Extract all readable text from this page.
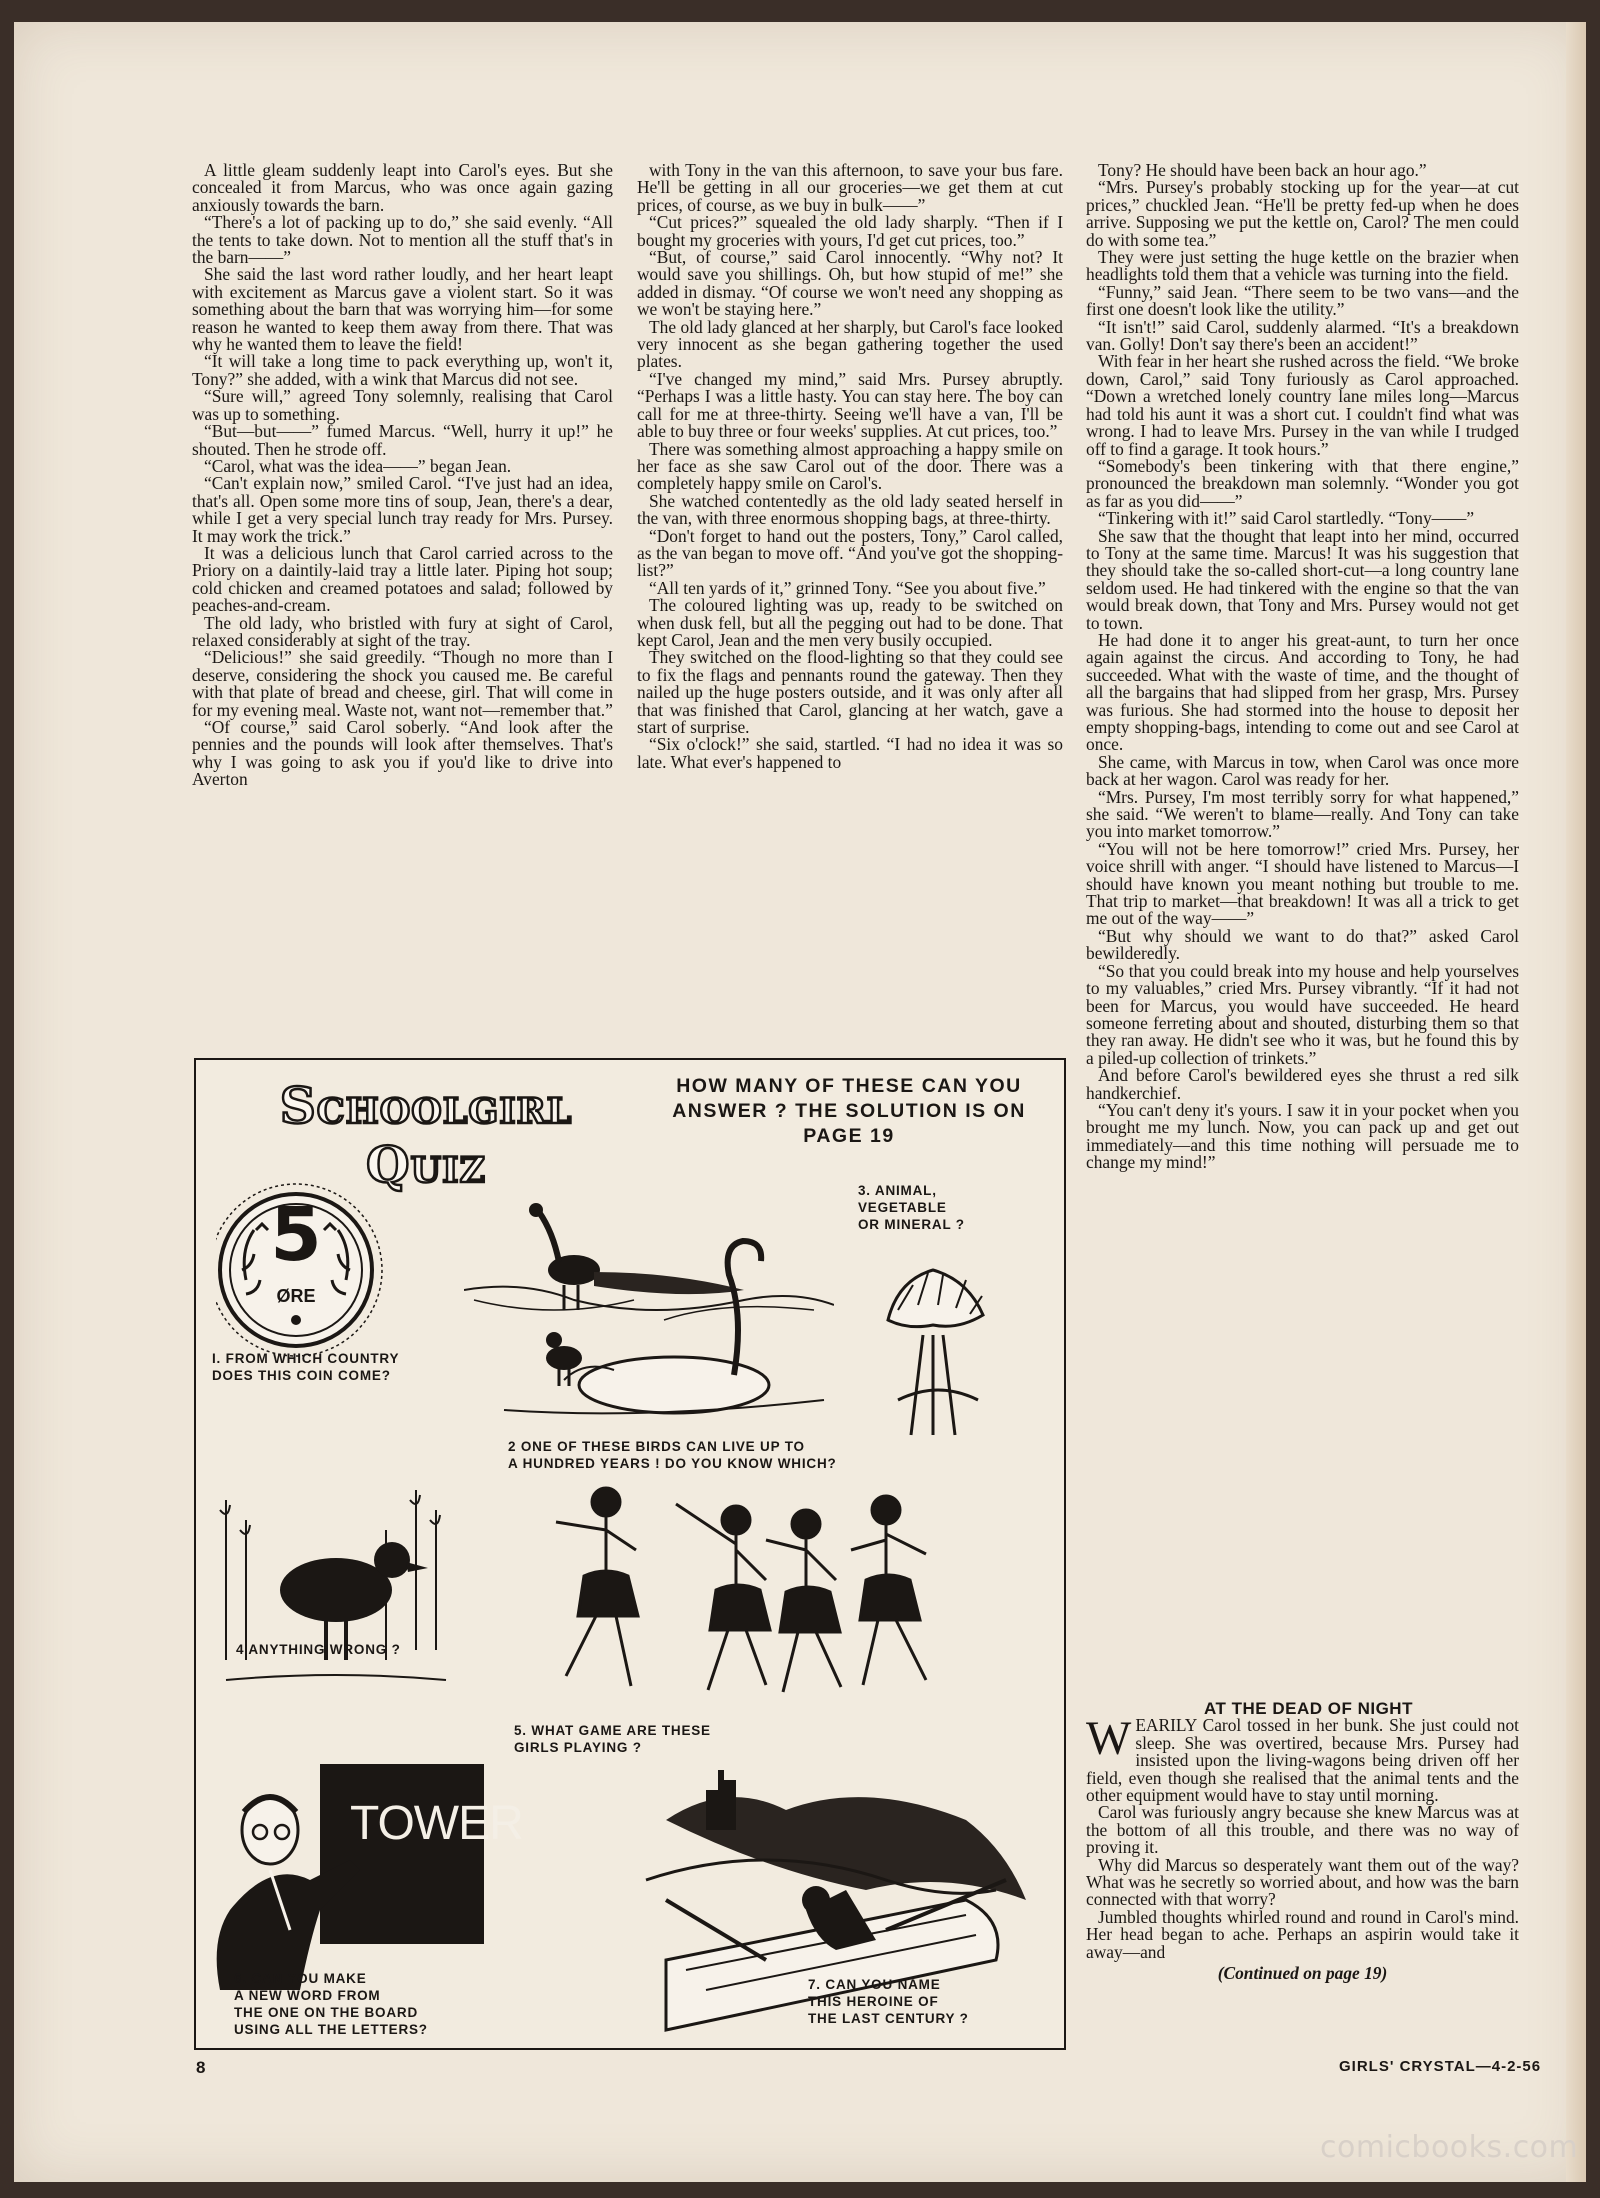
A little gleam suddenly leapt into Carol's eyes. But she concealed it from Marcus, who was once again gazing anxiously towards the barn.

“There's a lot of packing up to do,” she said evenly. “All the tents to take down. Not to mention all the stuff that's in the barn——”

She said the last word rather loudly, and her heart leapt with excitement as Marcus gave a violent start. So it was something about the barn that was worrying him—for some reason he wanted to keep them away from there. That was why he wanted them to leave the field!

“It will take a long time to pack everything up, won't it, Tony?” she added, with a wink that Marcus did not see.

“Sure will,” agreed Tony solemnly, realising that Carol was up to something.

“But—but——” fumed Marcus. “Well, hurry it up!” he shouted. Then he strode off.

“Carol, what was the idea——” began Jean.

“Can't explain now,” smiled Carol. “I've just had an idea, that's all. Open some more tins of soup, Jean, there's a dear, while I get a very special lunch tray ready for Mrs. Pursey. It may work the trick.”

It was a delicious lunch that Carol carried across to the Priory on a daintily-laid tray a little later. Piping hot soup; cold chicken and creamed potatoes and salad; followed by peaches-and-cream.

The old lady, who bristled with fury at sight of Carol, relaxed considerably at sight of the tray.

“Delicious!” she said greedily. “Though no more than I deserve, considering the shock you caused me. Be careful with that plate of bread and cheese, girl. That will come in for my evening meal. Waste not, want not—remember that.”

“Of course,” said Carol soberly. “And look after the pennies and the pounds will look after themselves. That's why I was going to ask you if you'd like to drive into Averton

with Tony in the van this afternoon, to save your bus fare. He'll be getting in all our groceries—we get them at cut prices, of course, as we buy in bulk——”

“Cut prices?” squealed the old lady sharply. “Then if I bought my groceries with yours, I'd get cut prices, too.”

“But, of course,” said Carol innocently. “Why not? It would save you shillings. Oh, but how stupid of me!” she added in dismay. “Of course we won't need any shopping as we won't be staying here.”

The old lady glanced at her sharply, but Carol's face looked very innocent as she began gathering together the used plates.

“I've changed my mind,” said Mrs. Pursey abruptly. “Perhaps I was a little hasty. You can stay here. The boy can call for me at three-thirty. Seeing we'll have a van, I'll be able to buy three or four weeks' supplies. At cut prices, too.”

There was something almost approaching a happy smile on her face as she saw Carol out of the door. There was a completely happy smile on Carol's.

She watched contentedly as the old lady seated herself in the van, with three enormous shopping bags, at three-thirty.

“Don't forget to hand out the posters, Tony,” Carol called, as the van began to move off. “And you've got the shopping-list?”

“All ten yards of it,” grinned Tony. “See you about five.”

The coloured lighting was up, ready to be switched on when dusk fell, but all the pegging out had to be done. That kept Carol, Jean and the men very busily occupied.

They switched on the flood-lighting so that they could see to fix the flags and pennants round the gateway. Then they nailed up the huge posters outside, and it was only after all that was finished that Carol, glancing at her watch, gave a start of surprise.

“Six o'clock!” she said, startled. “I had no idea it was so late. What ever's happened to

Tony? He should have been back an hour ago.”

“Mrs. Pursey's probably stocking up for the year—at cut prices,” chuckled Jean. “He'll be pretty fed-up when he does arrive. Supposing we put the kettle on, Carol? The men could do with some tea.”

They were just setting the huge kettle on the brazier when headlights told them that a vehicle was turning into the field.

“Funny,” said Jean. “There seem to be two vans—and the first one doesn't look like the utility.”

“It isn't!” said Carol, suddenly alarmed. “It's a breakdown van. Golly! Don't say there's been an accident!”

With fear in her heart she rushed across the field. “We broke down, Carol,” said Tony furiously as Carol approached. “Down a wretched lonely country lane miles long—Marcus had told his aunt it was a short cut. I couldn't find what was wrong. I had to leave Mrs. Pursey in the van while I trudged off to find a garage. It took hours.”

“Somebody's been tinkering with that there engine,” pronounced the breakdown man solemnly. “Wonder you got as far as you did——”

“Tinkering with it!” said Carol startledly. “Tony——”

She saw that the thought that leapt into her mind, occurred to Tony at the same time. Marcus! It was his suggestion that they should take the so-called short-cut—a long country lane seldom used. He had tinkered with the engine so that the van would break down, that Tony and Mrs. Pursey would not get to town.

He had done it to anger his great-aunt, to turn her once again against the circus. And according to Tony, he had succeeded. What with the waste of time, and the thought of all the bargains that had slipped from her grasp, Mrs. Pursey was furious. She had stormed into the house to deposit her empty shopping-bags, intending to come out and see Carol at once.

She came, with Marcus in tow, when Carol was once more back at her wagon. Carol was ready for her.

“Mrs. Pursey, I'm most terribly sorry for what happened,” she said. “We weren't to blame—really. And Tony can take you into market tomorrow.”

“You will not be here tomorrow!” cried Mrs. Pursey, her voice shrill with anger. “I should have listened to Marcus—I should have known you meant nothing but trouble to me. That trip to market—that breakdown! It was all a trick to get me out of the way——”

“But why should we want to do that?” asked Carol bewilderedly.

“So that you could break into my house and help yourselves to my valuables,” cried Mrs. Pursey vibrantly. “If it had not been for Marcus, you would have succeeded. He heard someone ferreting about and shouted, disturbing them so that they ran away. He didn't see who it was, but he found this by a piled-up collection of trinkets.”

And before Carol's bewildered eyes she thrust a red silk handkerchief.

“You can't deny it's yours. I saw it in your pocket when you brought me my lunch. Now, you can pack up and get out immediately—and this time nothing will persuade me to change my mind!”

AT THE DEAD OF NIGHT

WEARILY Carol tossed in her bunk. She just could not sleep. She was overtired, because Mrs. Pursey had insisted upon the living-wagons being driven off her field, even though she realised that the animal tents and the other equipment would have to stay until morning.

Carol was furiously angry because she knew Marcus was at the bottom of all this trouble, and there was no way of proving it.

Why did Marcus so desperately want them out of the way? What was he secretly so worried about, and how was the barn connected with that worry?

Jumbled thoughts whirled round and round in Carol's mind. Her head began to ache. Perhaps an aspirin would take it away—and

(Continued on page 19)

Schoolgirl Quiz
HOW MANY OF THESE CAN YOU ANSWER ? THE SOLUTION IS ON PAGE 19
5
ØRE
I. FROM WHICH COUNTRY
DOES THIS COIN COME?
2 ONE OF THESE BIRDS CAN LIVE UP TO
A HUNDRED YEARS ! DO YOU KNOW WHICH?
3. ANIMAL,
VEGETABLE
OR MINERAL ?
4 ANYTHING WRONG ?
5. WHAT GAME ARE THESE
GIRLS PLAYING ?
TOWER
6. CAN YOU MAKE
A NEW WORD FROM
THE ONE ON THE BOARD
USING ALL THE LETTERS?
7. CAN YOU NAME
THIS HEROINE OF
THE LAST CENTURY ?
8	GIRLS' CRYSTAL—4-2-56
comicbooks.com
